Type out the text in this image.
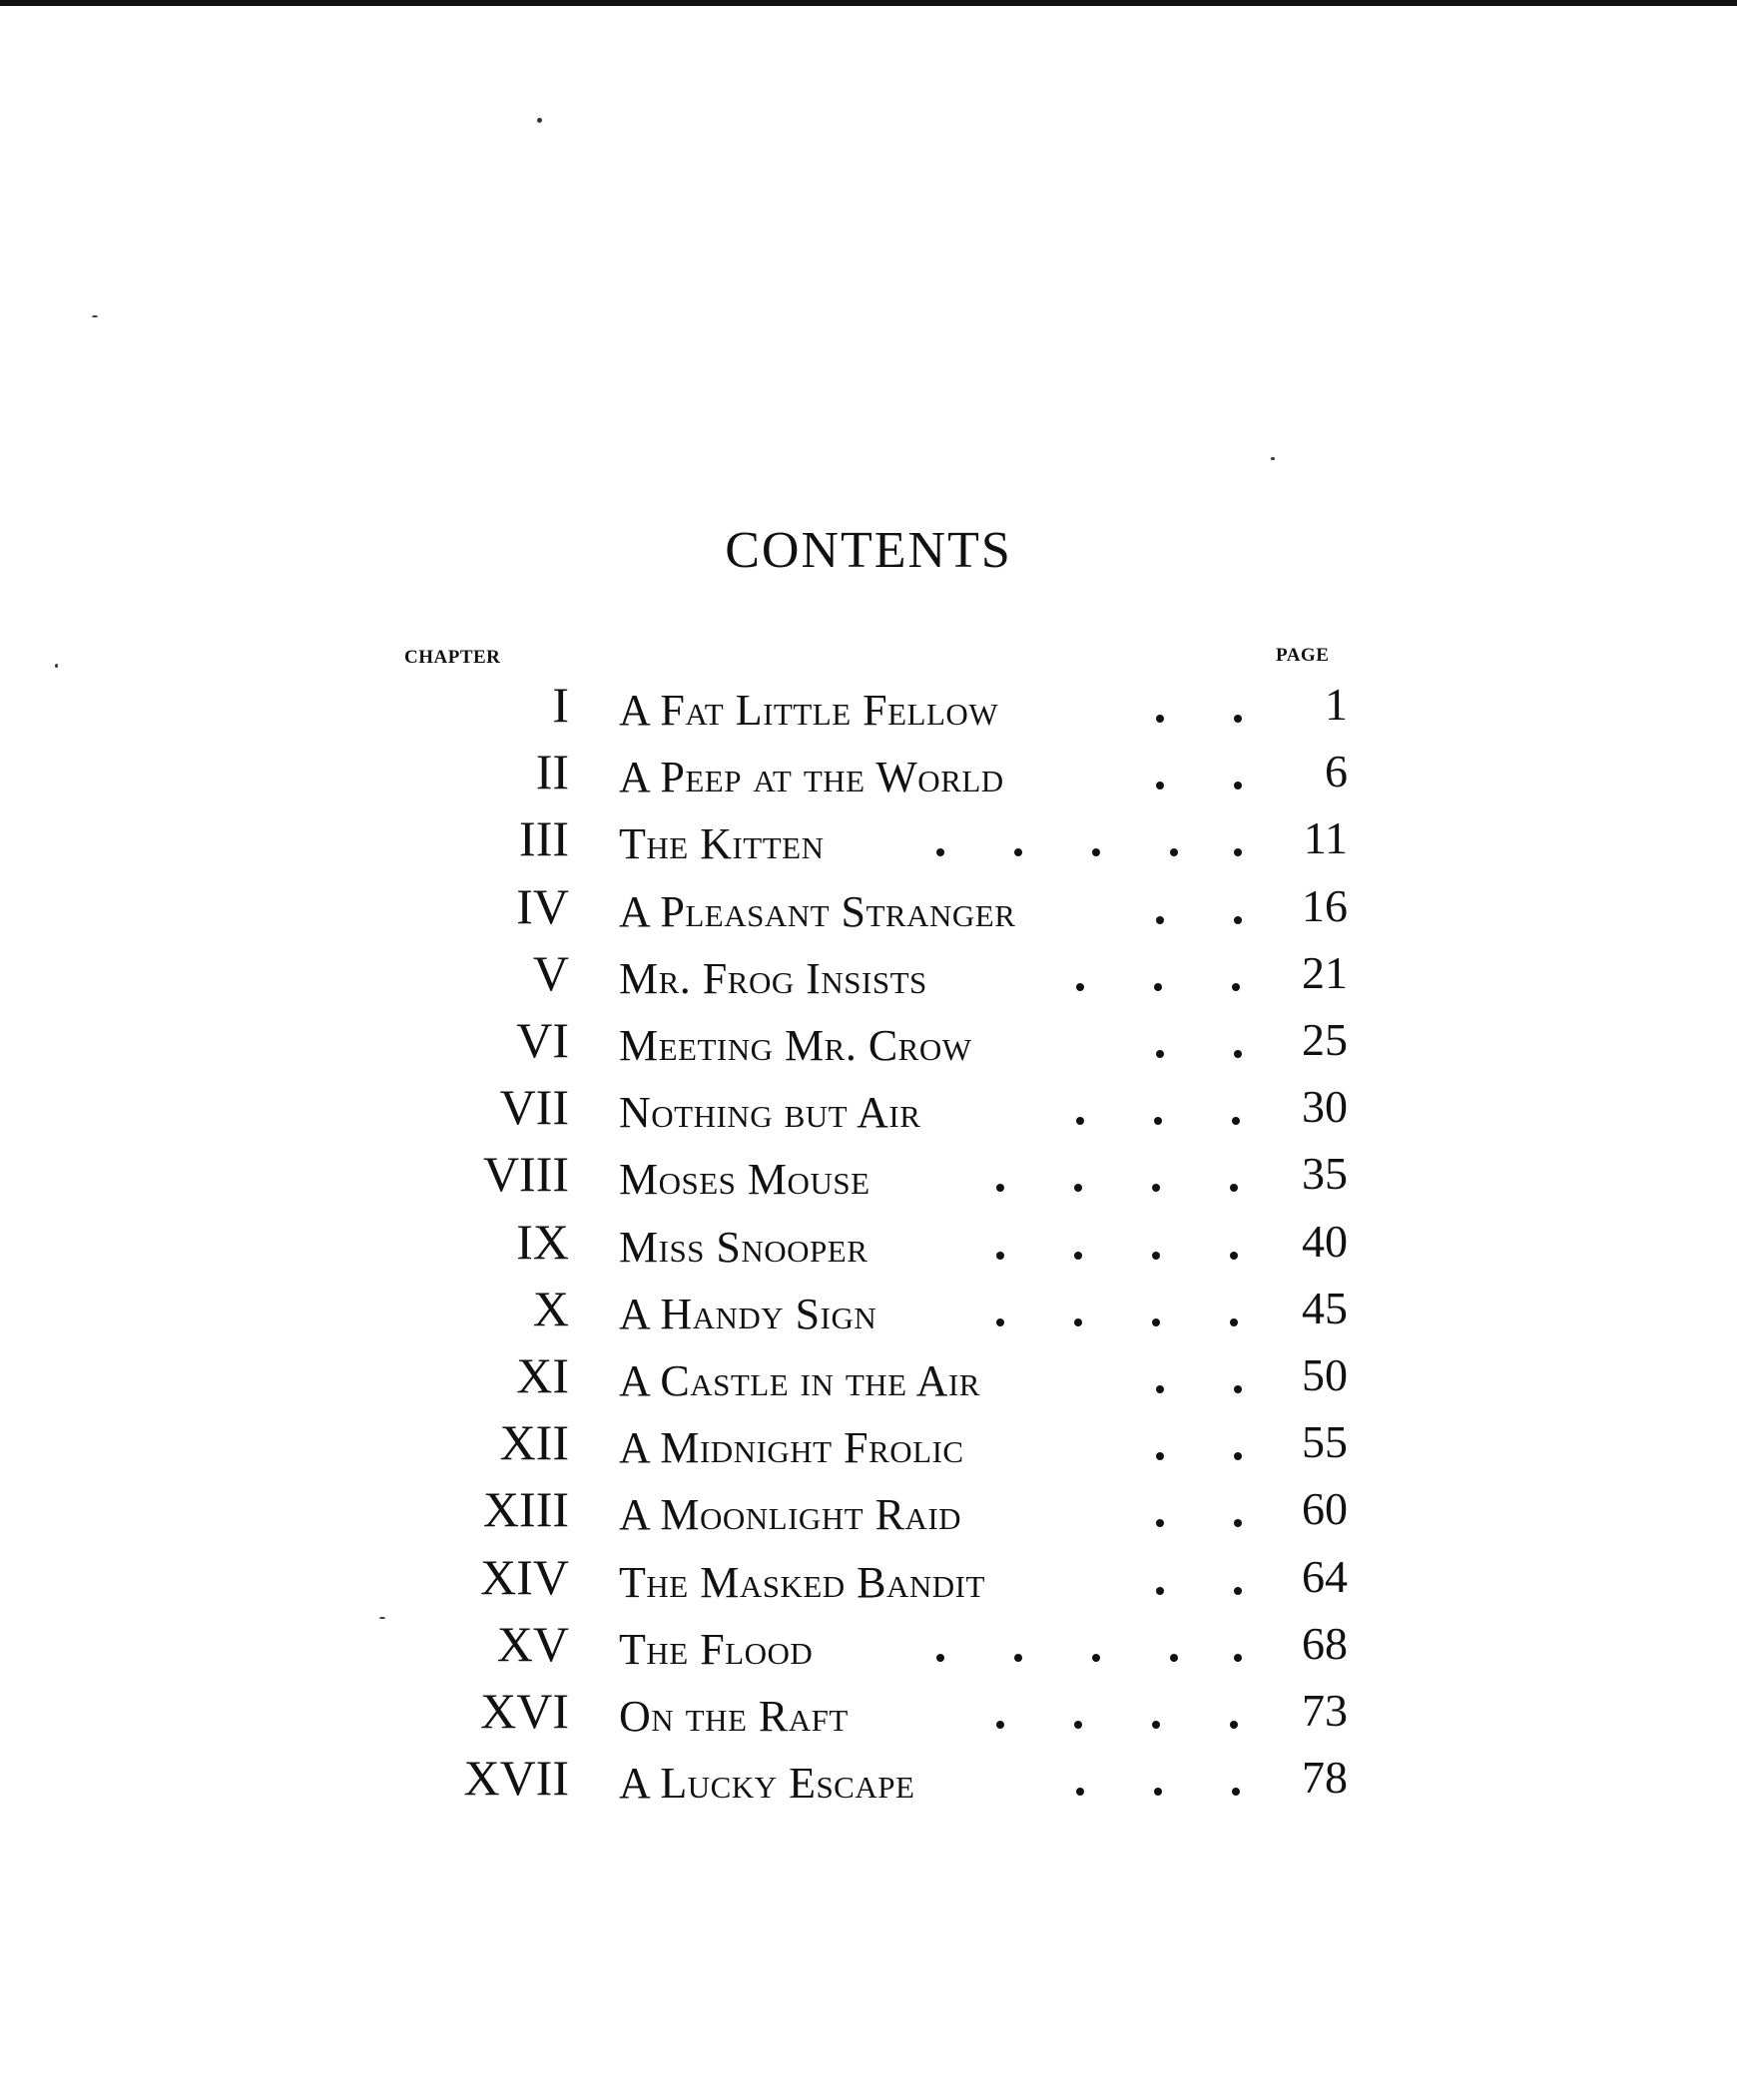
CONTENTS
CHAPTER	PAGE
I A Fat Little Fellow	1
II A Peep at the World	6
III The Kitten	11
IV A Pleasant Stranger	16
V Mr. Frog Insists	21
VI Meeting Mr. Crow	25
VII Nothing but Air	30
VIII Moses Mouse	35
IX Miss Snooper	40
X A Handy Sign	45
XI A Castle in the Air	50
XII A Midnight Frolic	55
XIII A Moonlight Raid	60
XIV The Masked Bandit	64
XV The Flood	68
XVI On the Raft	73
XVII A Lucky Escape	78
